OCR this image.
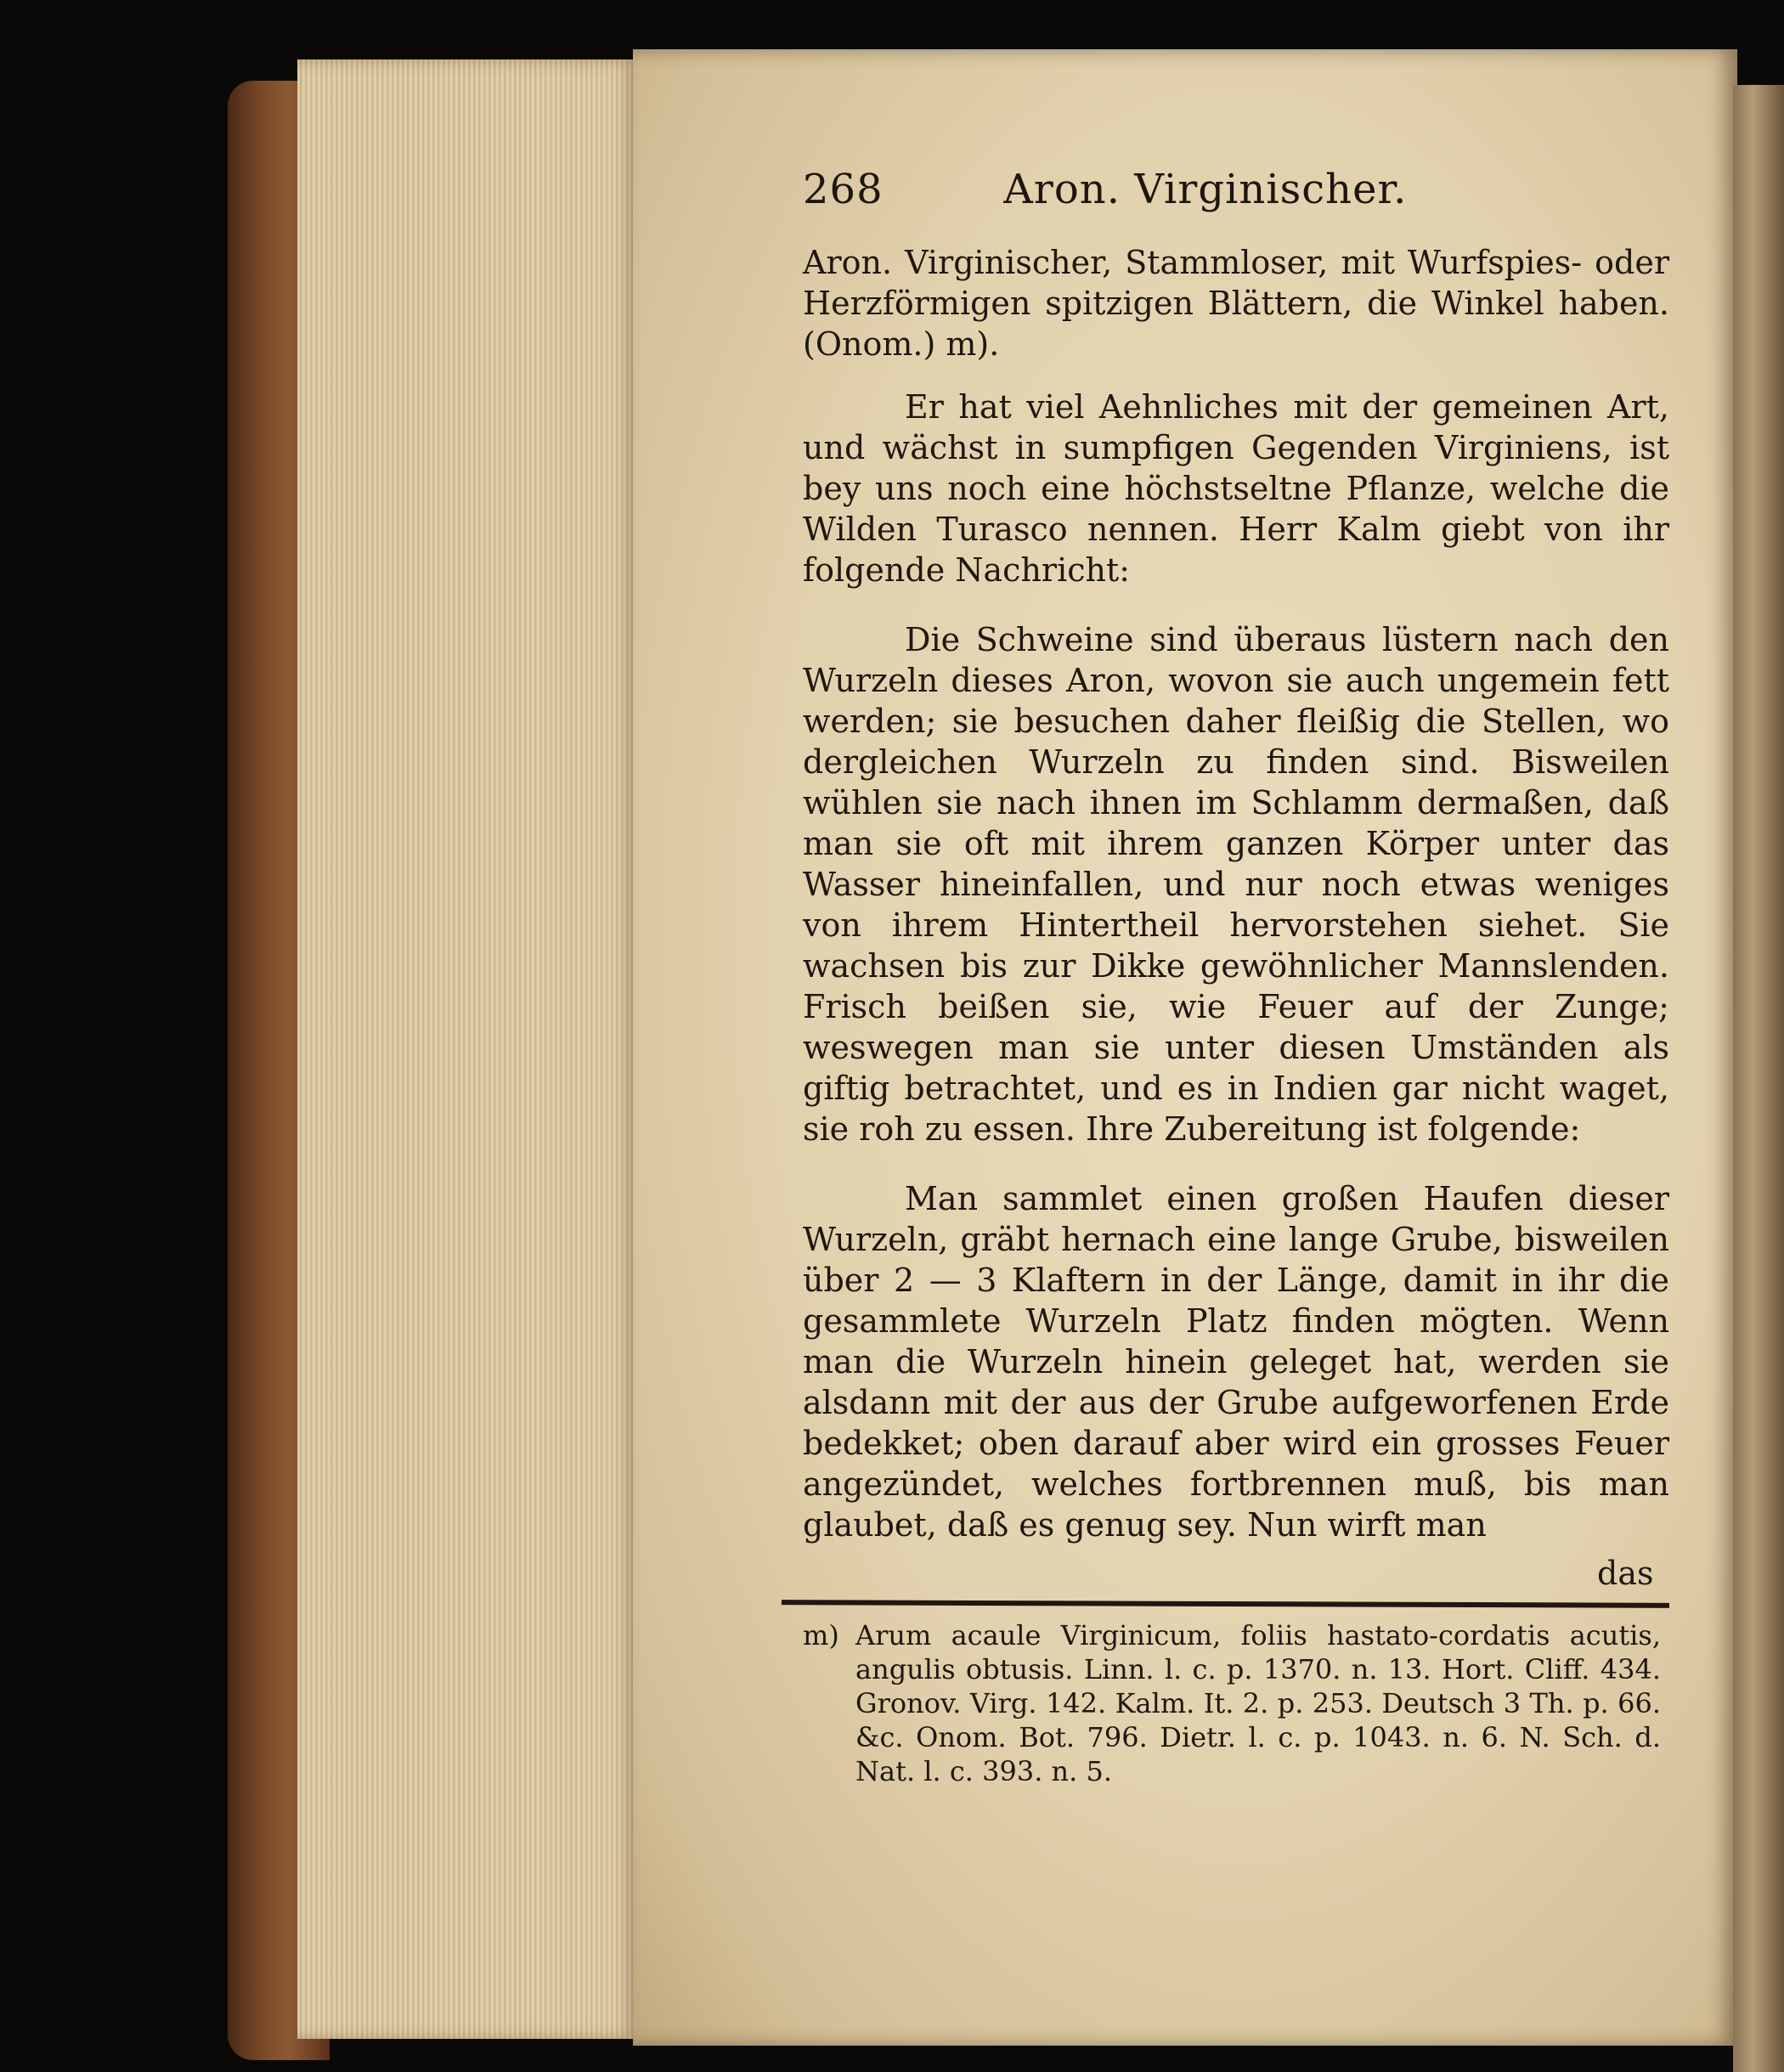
268	Aron. Virginischer.

Aron. Virginischer, Stammloser, mit Wurfspies- oder Herzförmigen spitzigen Blättern, die Winkel haben. (Onom.) m).

Er hat viel Aehnliches mit der gemeinen Art, und wächst in sumpfigen Gegenden Virginiens, ist bey uns noch eine höchstseltne Pflanze, welche die Wilden Turasco nennen. Herr Kalm giebt von ihr folgende Nachricht:

Die Schweine sind überaus lüstern nach den Wurzeln dieses Aron, wovon sie auch ungemein fett werden; sie besuchen daher fleißig die Stellen, wo dergleichen Wurzeln zu finden sind. Bisweilen wühlen sie nach ihnen im Schlamm dermaßen, daß man sie oft mit ihrem ganzen Körper unter das Wasser hineinfallen, und nur noch etwas weniges von ihrem Hintertheil hervorstehen siehet. Sie wachsen bis zur Dikke gewöhnlicher Mannslenden. Frisch beißen sie, wie Feuer auf der Zunge; weswegen man sie unter diesen Umständen als giftig betrachtet, und es in Indien gar nicht waget, sie roh zu essen. Ihre Zubereitung ist folgende:

Man sammlet einen großen Haufen dieser Wurzeln, gräbt hernach eine lange Grube, bisweilen über 2 — 3 Klaftern in der Länge, damit in ihr die gesammlete Wurzeln Platz finden mögten. Wenn man die Wurzeln hinein geleget hat, werden sie alsdann mit der aus der Grube aufgeworfenen Erde bedekket; oben darauf aber wird ein grosses Feuer angezündet, welches fortbrennen muß, bis man glaubet, daß es genug sey. Nun wirft man

das
m) Arum acaule Virginicum, foliis hastato-cordatis acutis, angulis obtusis. Linn. l. c. p. 1370. n. 13. Hort. Cliff. 434. Gronov. Virg. 142. Kalm. It. 2. p. 253. Deutsch 3 Th. p. 66. &c. Onom. Bot. 796. Dietr. l. c. p. 1043. n. 6. N. Sch. d. Nat. l. c. 393. n. 5.
